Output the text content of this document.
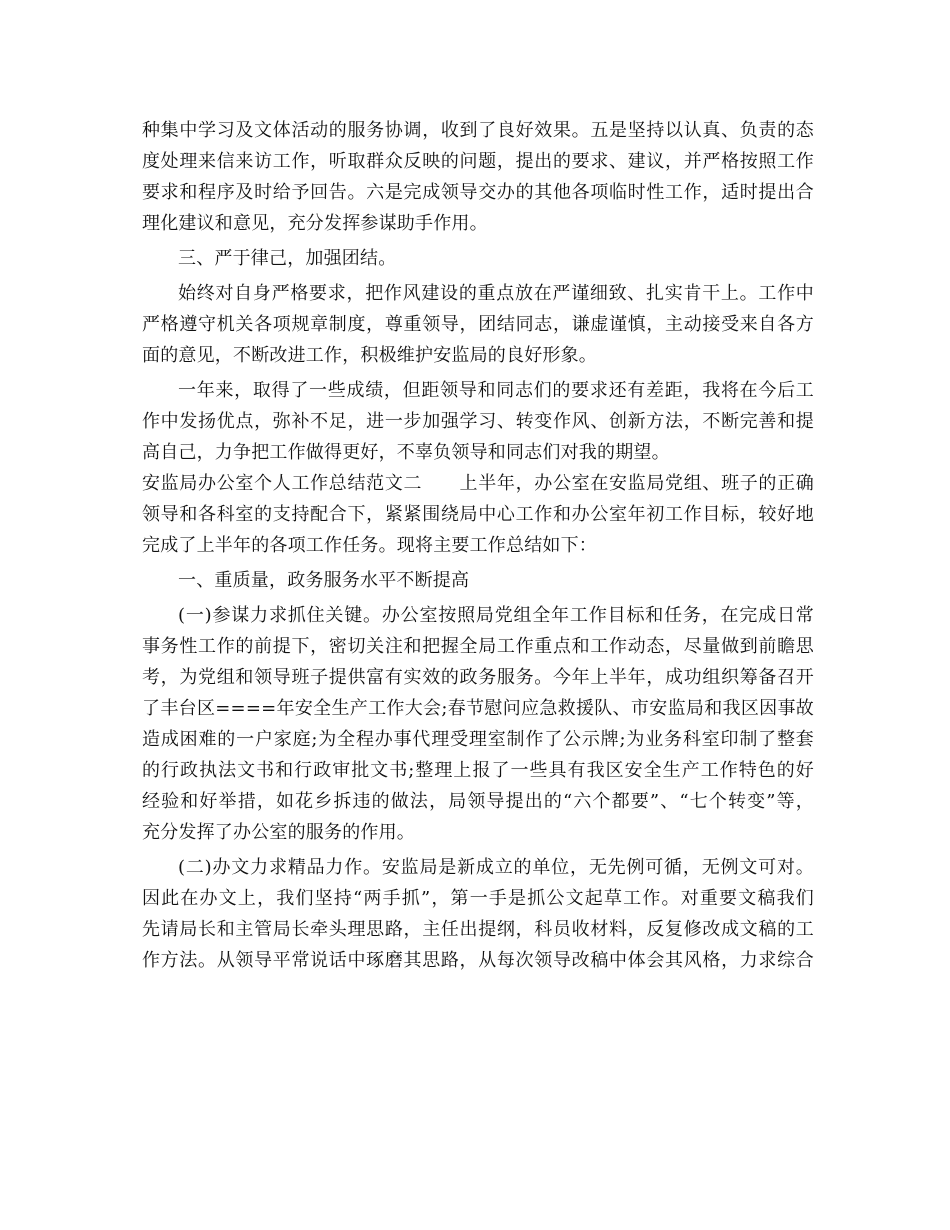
种集中学习及文体活动的服务协调，收到了良好效果。五是坚持以认真、负责的态
度处理来信来访工作，听取群众反映的问题，提出的要求、建议，并严格按照工作
要求和程序及时给予回告。六是完成领导交办的其他各项临时性工作，适时提出合
理化建议和意见，充分发挥参谋助手作用。
三、严于律己，加强团结。
始终对自身严格要求，把作风建设的重点放在严谨细致、扎实肯干上。工作中
严格遵守机关各项规章制度，尊重领导，团结同志，谦虚谨慎，主动接受来自各方
面的意见，不断改进工作，积极维护安监局的良好形象。
一年来，取得了一些成绩，但距领导和同志们的要求还有差距，我将在今后工
作中发扬优点，弥补不足，进一步加强学习、转变作风、创新方法，不断完善和提
高自己，力争把工作做得更好，不辜负领导和同志们对我的期望。
安监局办公室个人工作总结范文二　　上半年，办公室在安监局党组、班子的正确
领导和各科室的支持配合下，紧紧围绕局中心工作和办公室年初工作目标，较好地
完成了上半年的各项工作任务。现将主要工作总结如下：
一、重质量，政务服务水平不断提高
(一)参谋力求抓住关键。办公室按照局党组全年工作目标和任务，在完成日常
事务性工作的前提下，密切关注和把握全局工作重点和工作动态，尽量做到前瞻思
考，为党组和领导班子提供富有实效的政务服务。今年上半年，成功组织筹备召开
了丰台区====年安全生产工作大会;春节慰问应急救援队、市安监局和我区因事故
造成困难的一户家庭;为全程办事代理受理室制作了公示牌;为业务科室印制了整套
的行政执法文书和行政审批文书;整理上报了一些具有我区安全生产工作特色的好
经验和好举措，如花乡拆违的做法，局领导提出的“六个都要”、“七个转变”等，
充分发挥了办公室的服务的作用。
(二)办文力求精品力作。安监局是新成立的单位，无先例可循，无例文可对。
因此在办文上，我们坚持“两手抓”，第一手是抓公文起草工作。对重要文稿我们
先请局长和主管局长牵头理思路，主任出提纲，科员收材料，反复修改成文稿的工
作方法。从领导平常说话中琢磨其思路，从每次领导改稿中体会其风格，力求综合
